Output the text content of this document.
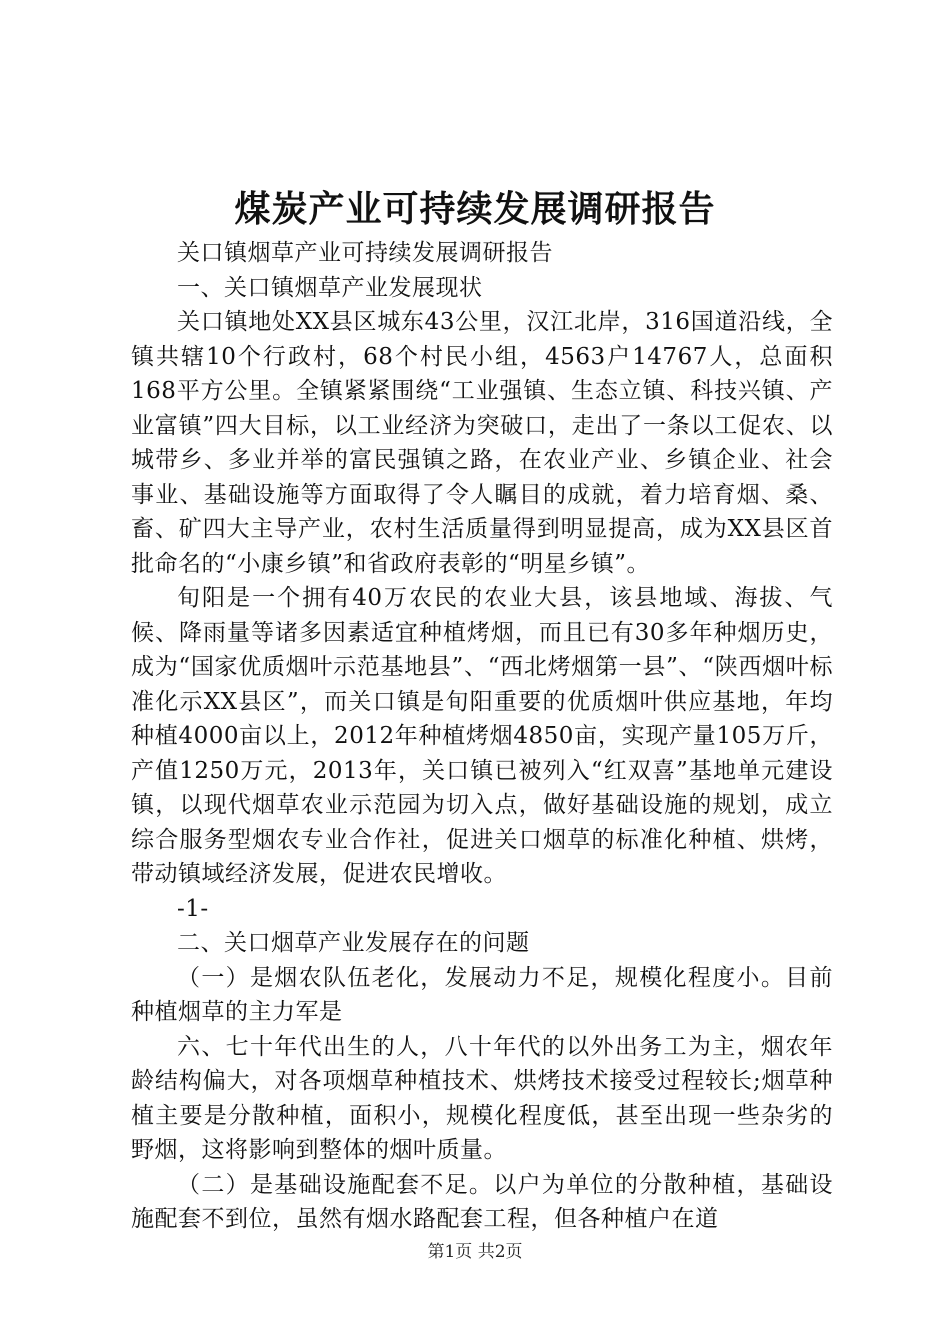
煤炭产业可持续发展调研报告

关口镇烟草产业可持续发展调研报告

一、关口镇烟草产业发展现状

关口镇地处XX县区城东43公里，汉江北岸，316国道沿线，全镇共辖10个行政村，68个村民小组，4563户14767人，总面积168平方公里。全镇紧紧围绕“工业强镇、生态立镇、科技兴镇、产业富镇”四大目标，以工业经济为突破口，走出了一条以工促农、以城带乡、多业并举的富民强镇之路，在农业产业、乡镇企业、社会事业、基础设施等方面取得了令人瞩目的成就，着力培育烟、桑、畜、矿四大主导产业，农村生活质量得到明显提高，成为XX县区首批命名的“小康乡镇”和省政府表彰的“明星乡镇”。

旬阳是一个拥有40万农民的农业大县，该县地域、海拔、气候、降雨量等诸多因素适宜种植烤烟，而且已有30多年种烟历史，成为“国家优质烟叶示范基地县”、“西北烤烟第一县”、“陕西烟叶标准化示XX县区”，而关口镇是旬阳重要的优质烟叶供应基地，年均种植4000亩以上，2012年种植烤烟4850亩，实现产量105万斤，产值1250万元，2013年，关口镇已被列入“红双喜”基地单元建设镇，以现代烟草农业示范园为切入点，做好基础设施的规划，成立综合服务型烟农专业合作社，促进关口烟草的标准化种植、烘烤，带动镇域经济发展，促进农民增收。

-1-

二、关口烟草产业发展存在的问题

（一）是烟农队伍老化，发展动力不足，规模化程度小。目前种植烟草的主力军是

六、七十年代出生的人，八十年代的以外出务工为主，烟农年龄结构偏大，对各项烟草种植技术、烘烤技术接受过程较长;烟草种植主要是分散种植，面积小，规模化程度低，甚至出现一些杂劣的野烟，这将影响到整体的烟叶质量。

（二）是基础设施配套不足。以户为单位的分散种植，基础设施配套不到位，虽然有烟水路配套工程，但各种植户在道

第1页 共2页
